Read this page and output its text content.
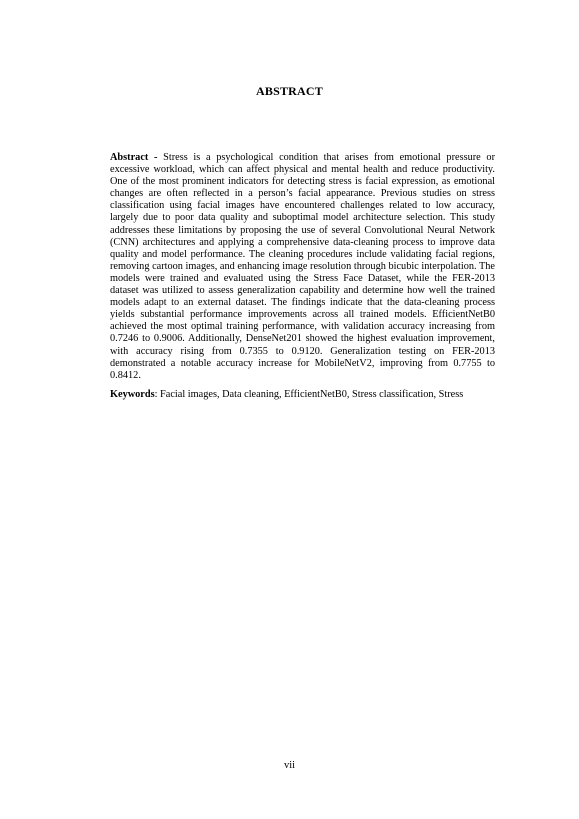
ABSTRACT

Abstract - Stress is a psychological condition that arises from emotional pressure or excessive workload, which can affect physical and mental health and reduce productivity. One of the most prominent indicators for detecting stress is facial expression, as emotional changes are often reflected in a person’s facial appearance. Previous studies on stress classification using facial images have encountered challenges related to low accuracy, largely due to poor data quality and suboptimal model architecture selection. This study addresses these limitations by proposing the use of several Convolutional Neural Network (CNN) architectures and applying a comprehensive data-cleaning process to improve data quality and model performance. The cleaning procedures include validating facial regions, removing cartoon images, and enhancing image resolution through bicubic interpolation. The models were trained and evaluated using the Stress Face Dataset, while the FER-2013 dataset was utilized to assess generalization capability and determine how well the trained models adapt to an external dataset. The findings indicate that the data-cleaning process yields substantial performance improvements across all trained models. EfficientNetB0 achieved the most optimal training performance, with validation accuracy increasing from 0.7246 to 0.9006. Additionally, DenseNet201 showed the highest evaluation improvement, with accuracy rising from 0.7355 to 0.9120. Generalization testing on FER-2013 demonstrated a notable accuracy increase for MobileNetV2, improving from 0.7755 to 0.8412.

Keywords: Facial images, Data cleaning, EfficientNetB0, Stress classification, Stress

vii
